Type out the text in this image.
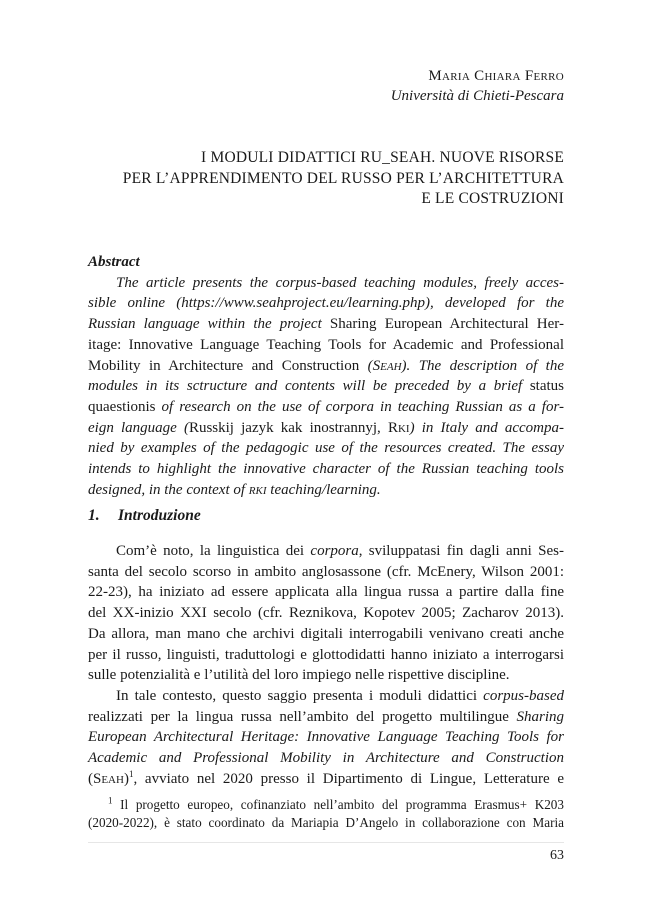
Maria Chiara Ferro
Università di Chieti-Pescara
I MODULI DIDATTICI RU_SEAH. NUOVE RISORSE
PER L’APPRENDIMENTO DEL RUSSO PER L’ARCHITETTURA
E LE COSTRUZIONI
Abstract
The article presents the corpus-based teaching modules, freely acces-
sible online (https://www.seahproject.eu/learning.php), developed for the
Russian language within the project Sharing European Architectural Her-
itage: Innovative Language Teaching Tools for Academic and Professional
Mobility in Architecture and Construction (Seah). The description of the
modules in its sctructure and contents will be preceded by a brief status
quaestionis of research on the use of corpora in teaching Russian as a for-
eign language (Russkij jazyk kak inostrannyj, Rki) in Italy and accompa-
nied by examples of the pedagogic use of the resources created. The essay
intends to highlight the innovative character of the Russian teaching tools
designed, in the context of rki teaching/learning.
1. Introduzione
Com’è noto, la linguistica dei corpora, sviluppatasi fin dagli anni Ses-
santa del secolo scorso in ambito anglosassone (cfr. McEnery, Wilson 2001:
22-23), ha iniziato ad essere applicata alla lingua russa a partire dalla fine
del XX-inizio XXI secolo (cfr. Reznikova, Kopotev 2005; Zacharov 2013).
Da allora, man mano che archivi digitali interrogabili venivano creati anche
per il russo, linguisti, traduttologi e glottodidatti hanno iniziato a interrogarsi
sulle potenzialità e l’utilità del loro impiego nelle rispettive discipline.
In tale contesto, questo saggio presenta i moduli didattici corpus-based
realizzati per la lingua russa nell’ambito del progetto multilingue Sharing
European Architectural Heritage: Innovative Language Teaching Tools for
Academic and Professional Mobility in Architecture and Construction
(Seah)$^1$, avviato nel 2020 presso il Dipartimento di Lingue, Letterature e
$^1$ Il progetto europeo, cofinanziato nell’ambito del programma Erasmus+ K203
(2020-2022), è stato coordinato da Mariapia D’Angelo in collaborazione con Maria
63
